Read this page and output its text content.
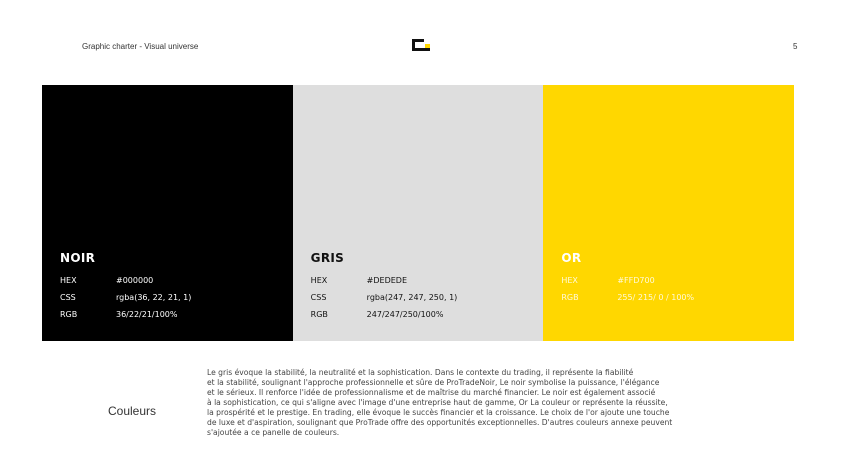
Graphic charter - Visual universe	5
NOIR
HEX	#000000
CSS	rgba(36, 22, 21, 1)
RGB	36/22/21/100%
GRIS
HEX	#DEDEDE
CSS	rgba(247, 247, 250, 1)
RGB	247/247/250/100%
OR
HEX	#FFD700
RGB	255/ 215/ 0 / 100%
Couleurs
Le gris évoque la stabilité, la neutralité et la sophistication. Dans le contexte du trading, il représente la fiabilité
et la stabilité, soulignant l'approche professionnelle et sûre de ProTradeNoir, Le noir symbolise la puissance, l'élégance
et le sérieux. Il renforce l'idée de professionnalisme et de maîtrise du marché financier. Le noir est également associé
à la sophistication, ce qui s'aligne avec l'image d'une entreprise haut de gamme, Or La couleur or représente la réussite,
la prospérité et le prestige. En trading, elle évoque le succès financier et la croissance. Le choix de l'or ajoute une touche
de luxe et d'aspiration, soulignant que ProTrade offre des opportunités exceptionnelles. D'autres couleurs annexe peuvent
s'ajoutée a ce panelle de couleurs.
